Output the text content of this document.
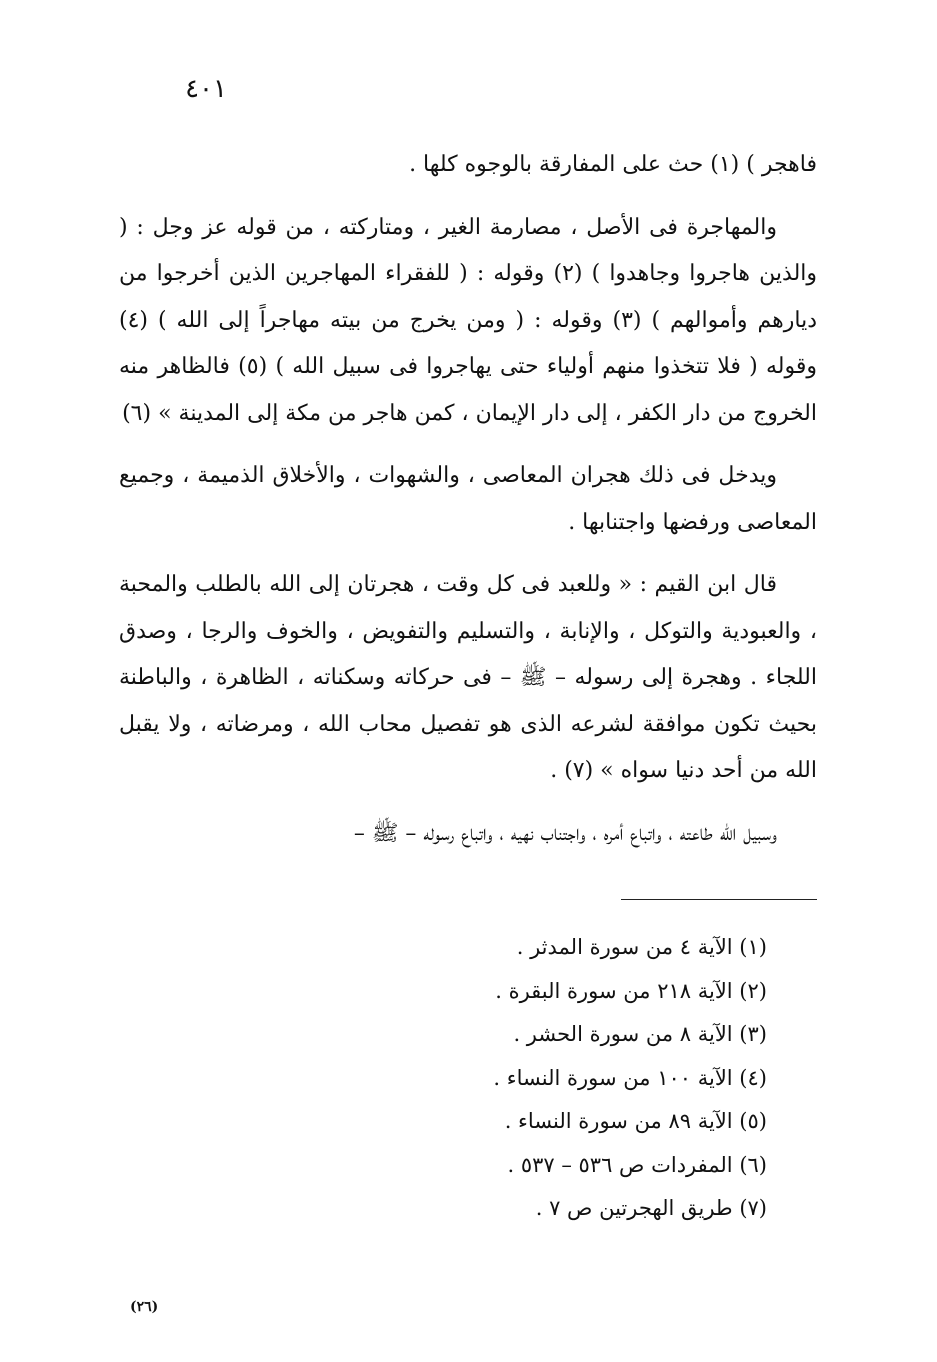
٤٠١

فاهجر ) (١) حث على المفارقة بالوجوه كلها .

والمهاجرة فى الأصل ، مصارمة الغير ، ومتاركته ، من قوله عز وجل : ( والذين هاجروا وجاهدوا ) (٢) وقوله : ( للفقراء المهاجرين الذين أخرجوا من ديارهم وأموالهم ) (٣) وقوله : ( ومن يخرج من بيته مهاجراً إلى الله ) (٤) وقوله ( فلا تتخذوا منهم أولياء حتى يهاجروا فى سبيل الله ) (٥) فالظاهر منه الخروج من دار الكفر ، إلى دار الإيمان ، كمن هاجر من مكة إلى المدينة » (٦)

ويدخل فى ذلك هجران المعاصى ، والشهوات ، والأخلاق الذميمة ، وجميع المعاصى ورفضها واجتنابها .

قال ابن القيم : « وللعبد فى كل وقت ، هجرتان إلى الله بالطلب والمحبة ، والعبودية والتوكل ، والإنابة ، والتسليم والتفويض ، والخوف والرجا ، وصدق اللجاء . وهجرة إلى رسوله – ﷺ – فى حركاته وسكناته ، الظاهرة ، والباطنة بحيث تكون موافقة لشرعه الذى هو تفصيل محاب الله ، ومرضاته ، ولا يقبل الله من أحد دنيا سواه » (٧) .

وسبيل الله طاعته ، واتباع أمره ، واجتناب نهيه ، واتباع رسوله – ﷺ –

(١) الآية ٤ من سورة المدثر .
(٢) الآية ٢١٨ من سورة البقرة .
(٣) الآية ٨ من سورة الحشر .
(٤) الآية ١٠٠ من سورة النساء .
(٥) الآية ٨٩ من سورة النساء .
(٦) المفردات ص ٥٣٦ – ٥٣٧ .
(٧) طريق الهجرتين ص ٧ .
(٢٦)
